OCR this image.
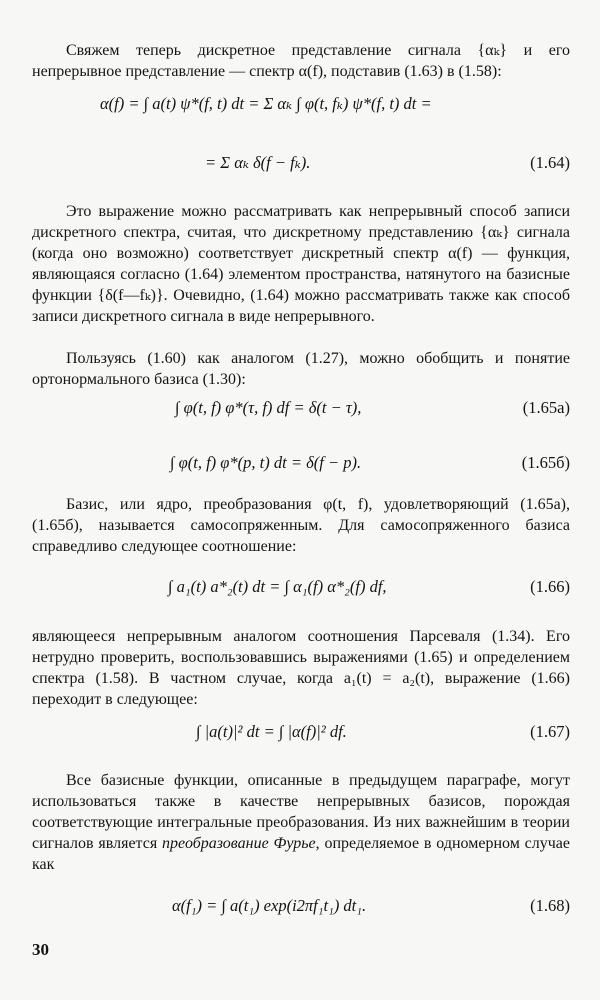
Свяжем теперь дискретное представление сигнала {αₖ} и его непрерывное представление — спектр α(f), подставив (1.63) в (1.58):

α(f) = ∫ a(t) ψ*(f, t) dt = Σ αₖ ∫ φ(t, fₖ) ψ*(f, t) dt =
= Σ αₖ δ(f − fₖ).	(1.64)

Это выражение можно рассматривать как непрерывный способ записи дискретного спектра, считая, что дискретному представлению {αₖ} сигнала (когда оно возможно) соответствует дискретный спектр α(f) — функция, являющаяся согласно (1.64) элементом пространства, натянутого на базисные функции {δ(f—fₖ)}. Очевидно, (1.64) можно рассматривать также как способ записи дискретного сигнала в виде непрерывного.

Пользуясь (1.60) как аналогом (1.27), можно обобщить и понятие ортонормального базиса (1.30):

∫ φ(t, f) φ*(τ, f) df = δ(t − τ),	(1.65а)
∫ φ(t, f) φ*(p, t) dt = δ(f − p).	(1.65б)

Базис, или ядро, преобразования φ(t, f), удовлетворяющий (1.65а), (1.65б), называется самосопряженным. Для самосопряженного базиса справедливо следующее соотношение:

∫ a₁(t) a*₂(t) dt = ∫ α₁(f) α*₂(f) df,	(1.66)

являющееся непрерывным аналогом соотношения Парсеваля (1.34). Его нетрудно проверить, воспользовавшись выражениями (1.65) и определением спектра (1.58). В частном случае, когда a₁(t) = a₂(t), выражение (1.66) переходит в следующее:

∫ |a(t)|² dt = ∫ |α(f)|² df.	(1.67)

Все базисные функции, описанные в предыдущем параграфе, могут использоваться также в качестве непрерывных базисов, порождая соответствующие интегральные преобразования. Из них важнейшим в теории сигналов является преобразование Фурье, определяемое в одномерном случае как

α(f₁) = ∫ a(t₁) exp(i2πf₁t₁) dt₁.	(1.68)
30
